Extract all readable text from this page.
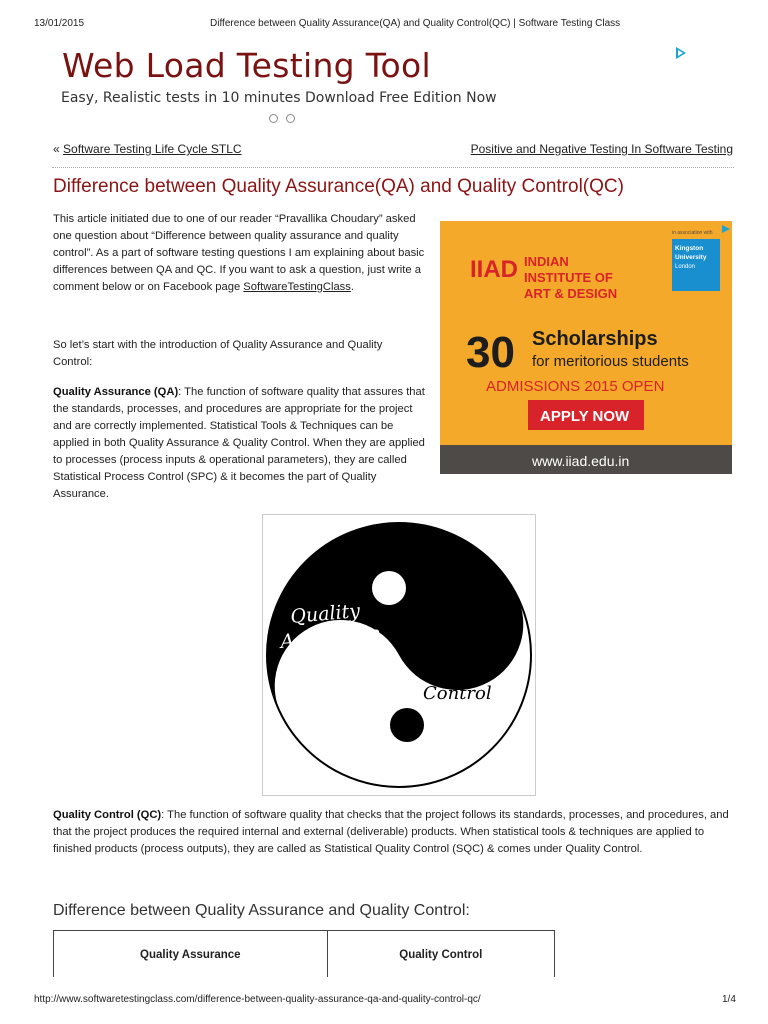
13/01/2015	Difference between Quality Assurance(QA) and Quality Control(QC) | Software Testing Class
Web Load Testing Tool
Easy, Realistic tests in 10 minutes Download Free Edition Now
« Software Testing Life Cycle STLC	Positive and Negative Testing In Software Testing
Difference between Quality Assurance(QA) and Quality Control(QC)
This article initiated due to one of our reader “Pravallika Choudary” asked one question about “Difference between quality assurance and quality control”. As a part of software testing questions I am explaining about basic differences between QA and QC. If you want to ask a question, just write a comment below or on Facebook page SoftwareTestingClass.
So let’s start with the introduction of Quality Assurance and Quality Control:
Quality Assurance (QA): The function of software quality that assures that the standards, processes, and procedures are appropriate for the project and are correctly implemented. Statistical Tools & Techniques can be applied in both Quality Assurance & Quality Control. When they are applied to processes (process inputs & operational parameters), they are called Statistical Process Control (SPC) & it becomes the part of Quality Assurance.
IIAD INDIAN
INSTITUTE OF
ART & DESIGN
in association with
Kingston
University
London
30 Scholarships
for meritorious students
ADMISSIONS 2015 OPEN
APPLY NOW
www.iiad.edu.in
Quality
Assurance
Quality
Control
Quality Control (QC): The function of software quality that checks that the project follows its standards, processes, and procedures, and that the project produces the required internal and external (deliverable) products. When statistical tools & techniques are applied to finished products (process outputs), they are called as Statistical Quality Control (SQC) & comes under Quality Control.
Difference between Quality Assurance and Quality Control:
Quality Assurance	Quality Control

http://www.softwaretestingclass.com/difference-between-quality-assurance-qa-and-quality-control-qc/	1/4
